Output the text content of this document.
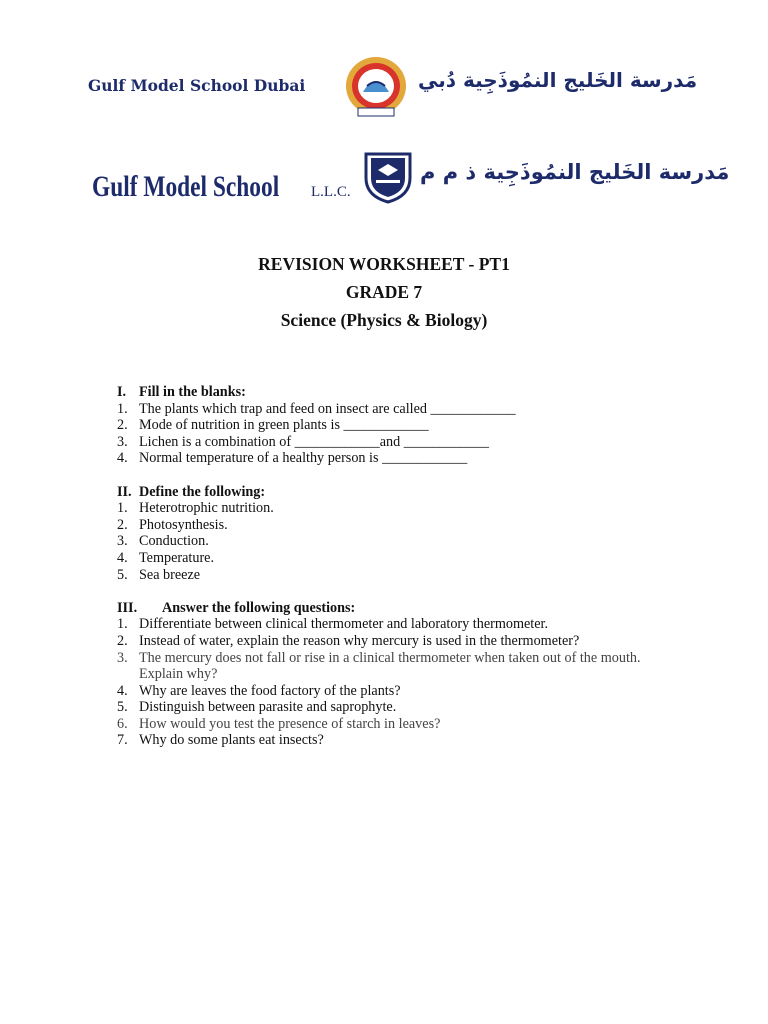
Gulf Model School Dubai	مَدرسة الخَليج النمُوذَجِية دُبي
Gulf Model School L.L.C.
مَدرسة الخَليج النمُوذَجِية ذ م م
REVISION WORKSHEET - PT1
GRADE 7
Science (Physics & Biology)
I. Fill in the blanks:
1. The plants which trap and feed on insect are called ____________
2. Mode of nutrition in green plants is ____________
3. Lichen is a combination of ____________and ____________
4. Normal temperature of a healthy person is ____________
II. Define the following:
1. Heterotrophic nutrition.
2. Photosynthesis.
3. Conduction.
4. Temperature.
5. Sea breeze
III.	Answer the following questions:
1. Differentiate between clinical thermometer and laboratory thermometer.
2. Instead of water, explain the reason why mercury is used in the thermometer?
3. The mercury does not fall or rise in a clinical thermometer when taken out of the mouth. Explain why?
4. Why are leaves the food factory of the plants?
5. Distinguish between parasite and saprophyte.
6. How would you test the presence of starch in leaves?
7. Why do some plants eat insects?
